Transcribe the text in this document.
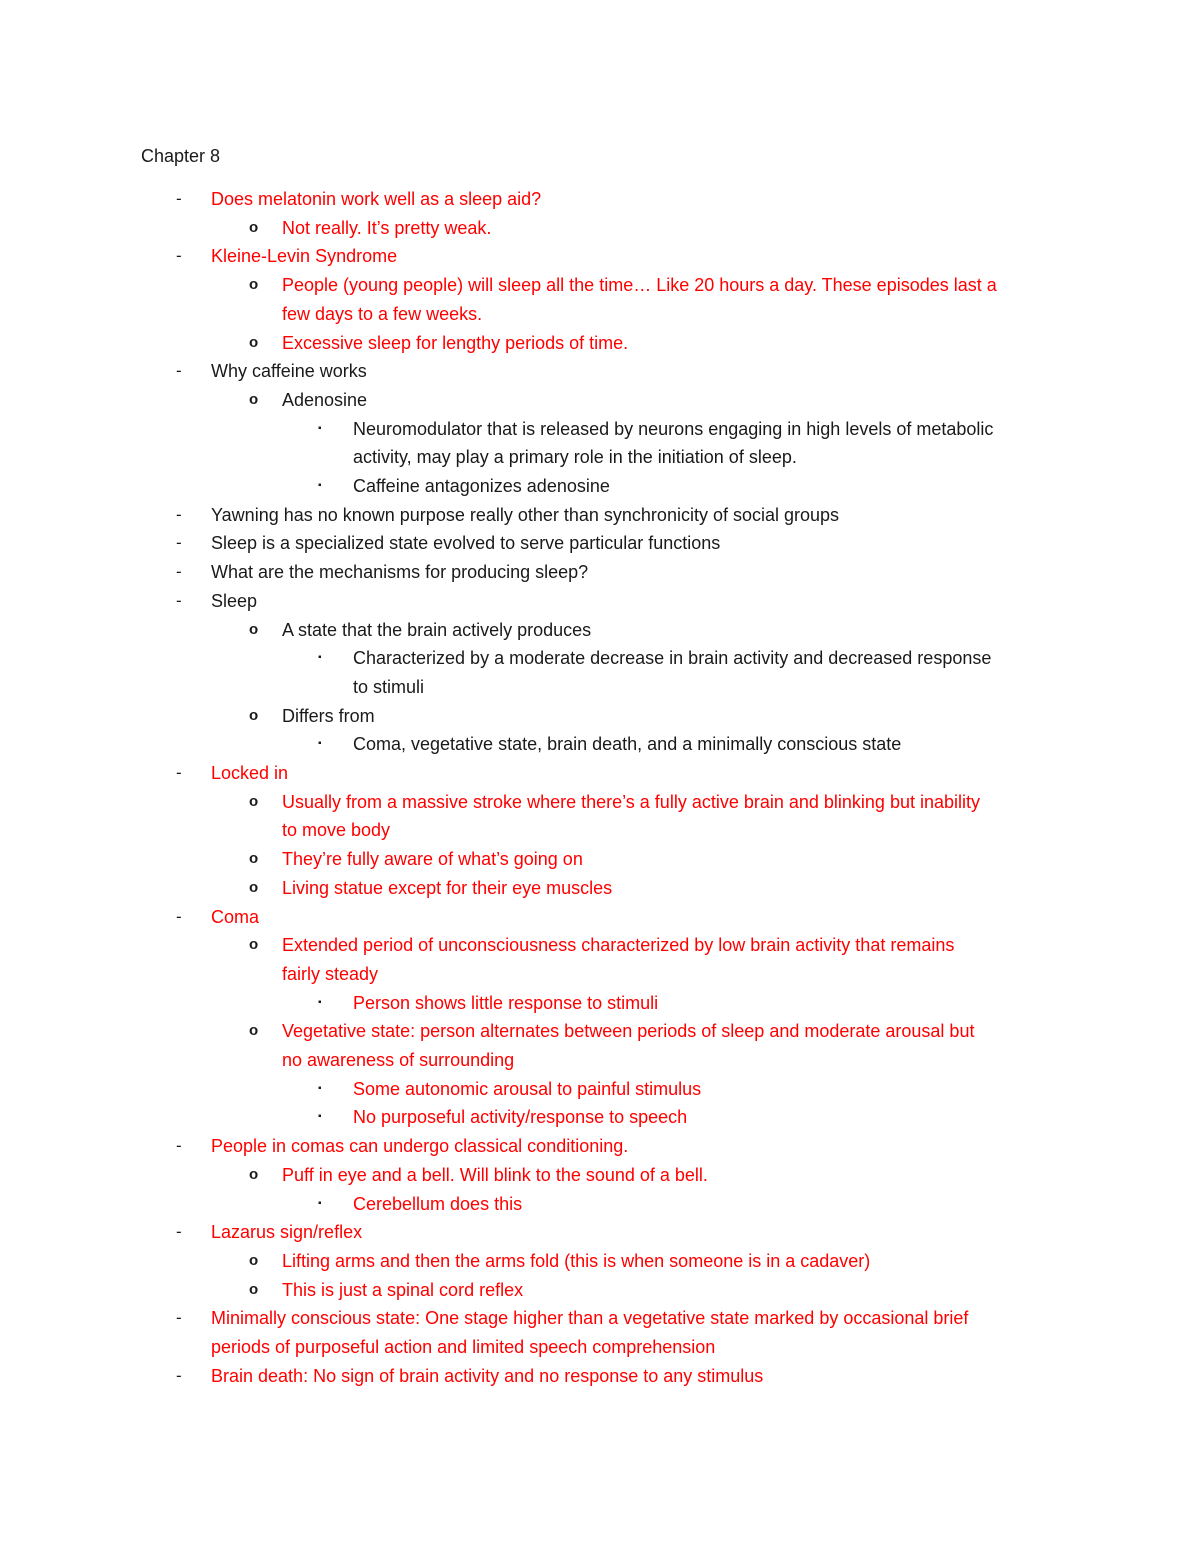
Chapter 8
- Does melatonin work well as a sleep aid?
o Not really. It’s pretty weak.
- Kleine-Levin Syndrome
o People (young people) will sleep all the time… Like 20 hours a day. These episodes last a
few days to a few weeks.
o Excessive sleep for lengthy periods of time.
- Why caffeine works
o Adenosine
▪ Neuromodulator that is released by neurons engaging in high levels of metabolic
activity, may play a primary role in the initiation of sleep.
▪ Caffeine antagonizes adenosine
- Yawning has no known purpose really other than synchronicity of social groups
- Sleep is a specialized state evolved to serve particular functions
- What are the mechanisms for producing sleep?
- Sleep
o A state that the brain actively produces
▪ Characterized by a moderate decrease in brain activity and decreased response
to stimuli
o Differs from
▪ Coma, vegetative state, brain death, and a minimally conscious state
- Locked in
o Usually from a massive stroke where there’s a fully active brain and blinking but inability
to move body
o They’re fully aware of what’s going on
o Living statue except for their eye muscles
- Coma
o Extended period of unconsciousness characterized by low brain activity that remains
fairly steady
▪ Person shows little response to stimuli
o Vegetative state: person alternates between periods of sleep and moderate arousal but
no awareness of surrounding
▪ Some autonomic arousal to painful stimulus
▪ No purposeful activity/response to speech
- People in comas can undergo classical conditioning.
o Puff in eye and a bell. Will blink to the sound of a bell.
▪ Cerebellum does this
- Lazarus sign/reflex
o Lifting arms and then the arms fold (this is when someone is in a cadaver)
o This is just a spinal cord reflex
- Minimally conscious state: One stage higher than a vegetative state marked by occasional brief
periods of purposeful action and limited speech comprehension
- Brain death: No sign of brain activity and no response to any stimulus
